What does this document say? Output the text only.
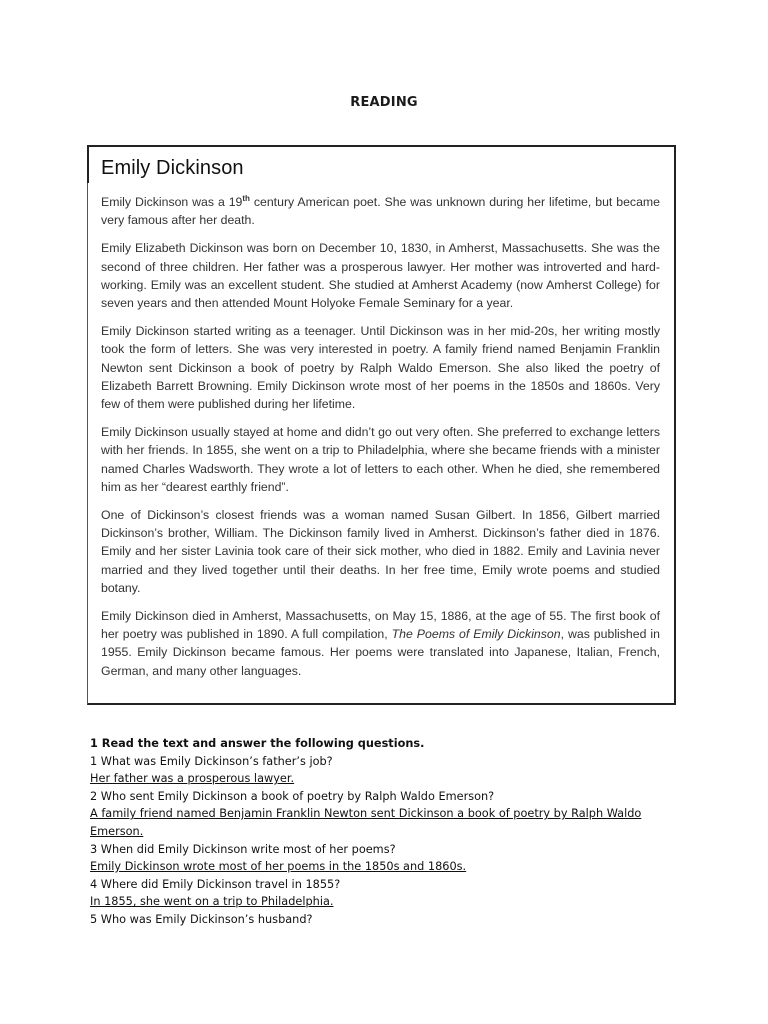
READING
Emily Dickinson

Emily Dickinson was a 19th century American poet. She was unknown during her lifetime, but became very famous after her death.

Emily Elizabeth Dickinson was born on December 10, 1830, in Amherst, Massachusetts. She was the second of three children. Her father was a prosperous lawyer. Her mother was introverted and hard-working. Emily was an excellent student. She studied at Amherst Academy (now Amherst College) for seven years and then attended Mount Holyoke Female Seminary for a year.

Emily Dickinson started writing as a teenager. Until Dickinson was in her mid-20s, her writing mostly took the form of letters. She was very interested in poetry. A family friend named Benjamin Franklin Newton sent Dickinson a book of poetry by Ralph Waldo Emerson. She also liked the poetry of Elizabeth Barrett Browning. Emily Dickinson wrote most of her poems in the 1850s and 1860s. Very few of them were published during her lifetime.

Emily Dickinson usually stayed at home and didn’t go out very often. She preferred to exchange letters with her friends. In 1855, she went on a trip to Philadelphia, where she became friends with a minister named Charles Wadsworth. They wrote a lot of letters to each other. When he died, she remembered him as her “dearest earthly friend”.

One of Dickinson’s closest friends was a woman named Susan Gilbert. In 1856, Gilbert married Dickinson’s brother, William. The Dickinson family lived in Amherst. Dickinson’s father died in 1876. Emily and her sister Lavinia took care of their sick mother, who died in 1882. Emily and Lavinia never married and they lived together until their deaths. In her free time, Emily wrote poems and studied botany.

Emily Dickinson died in Amherst, Massachusetts, on May 15, 1886, at the age of 55. The first book of her poetry was published in 1890. A full compilation, The Poems of Emily Dickinson, was published in 1955. Emily Dickinson became famous. Her poems were translated into Japanese, Italian, French, German, and many other languages.

1 Read the text and answer the following questions.
1 What was Emily Dickinson’s father’s job?
Her father was a prosperous lawyer.
2 Who sent Emily Dickinson a book of poetry by Ralph Waldo Emerson?
A family friend named Benjamin Franklin Newton sent Dickinson a book of poetry by Ralph Waldo Emerson.
3 When did Emily Dickinson write most of her poems?
Emily Dickinson wrote most of her poems in the 1850s and 1860s.
4 Where did Emily Dickinson travel in 1855?
In 1855, she went on a trip to Philadelphia.
5 Who was Emily Dickinson’s husband?
